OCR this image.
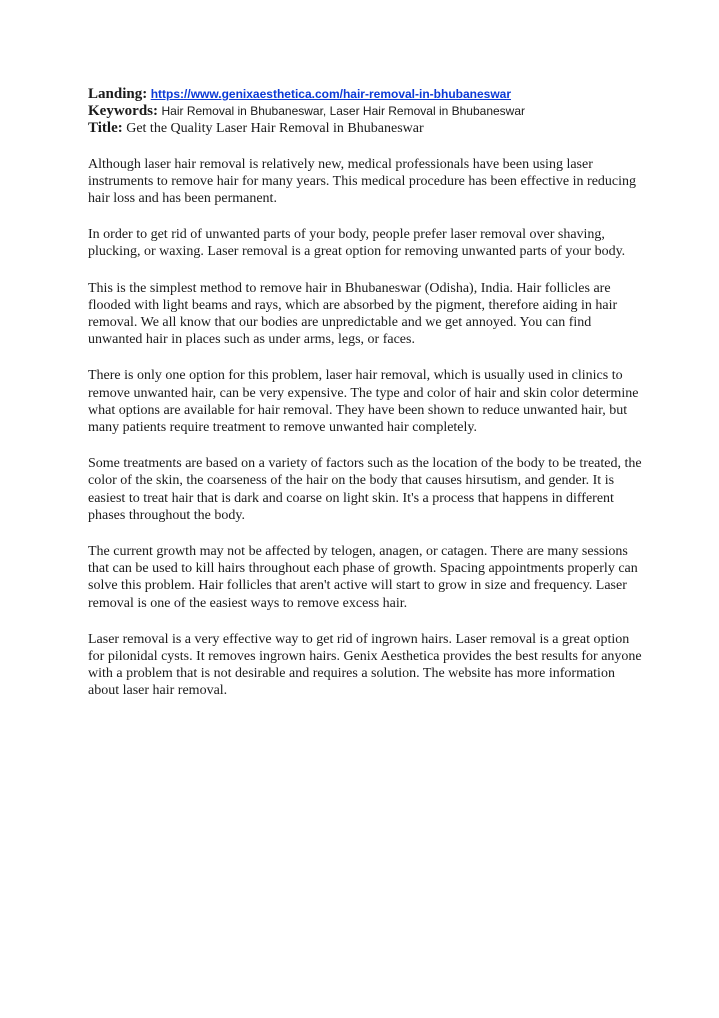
Landing: https://www.genixaesthetica.com/hair-removal-in-bhubaneswar

Keywords: Hair Removal in Bhubaneswar, Laser Hair Removal in Bhubaneswar

Title: Get the Quality Laser Hair Removal in Bhubaneswar

Although laser hair removal is relatively new, medical professionals have been using laser instruments to remove hair for many years. This medical procedure has been effective in reducing hair loss and has been permanent.

In order to get rid of unwanted parts of your body, people prefer laser removal over shaving, plucking, or waxing. Laser removal is a great option for removing unwanted parts of your body.

This is the simplest method to remove hair in Bhubaneswar (Odisha), India. Hair follicles are flooded with light beams and rays, which are absorbed by the pigment, therefore aiding in hair removal. We all know that our bodies are unpredictable and we get annoyed. You can find unwanted hair in places such as under arms, legs, or faces.

There is only one option for this problem, laser hair removal, which is usually used in clinics to remove unwanted hair, can be very expensive. The type and color of hair and skin color determine what options are available for hair removal. They have been shown to reduce unwanted hair, but many patients require treatment to remove unwanted hair completely.

Some treatments are based on a variety of factors such as the location of the body to be treated, the color of the skin, the coarseness of the hair on the body that causes hirsutism, and gender. It is easiest to treat hair that is dark and coarse on light skin. It's a process that happens in different phases throughout the body.

The current growth may not be affected by telogen, anagen, or catagen. There are many sessions that can be used to kill hairs throughout each phase of growth. Spacing appointments properly can solve this problem. Hair follicles that aren't active will start to grow in size and frequency. Laser removal is one of the easiest ways to remove excess hair.

Laser removal is a very effective way to get rid of ingrown hairs. Laser removal is a great option for pilonidal cysts. It removes ingrown hairs. Genix Aesthetica provides the best results for anyone with a problem that is not desirable and requires a solution. The website has more information about laser hair removal.
